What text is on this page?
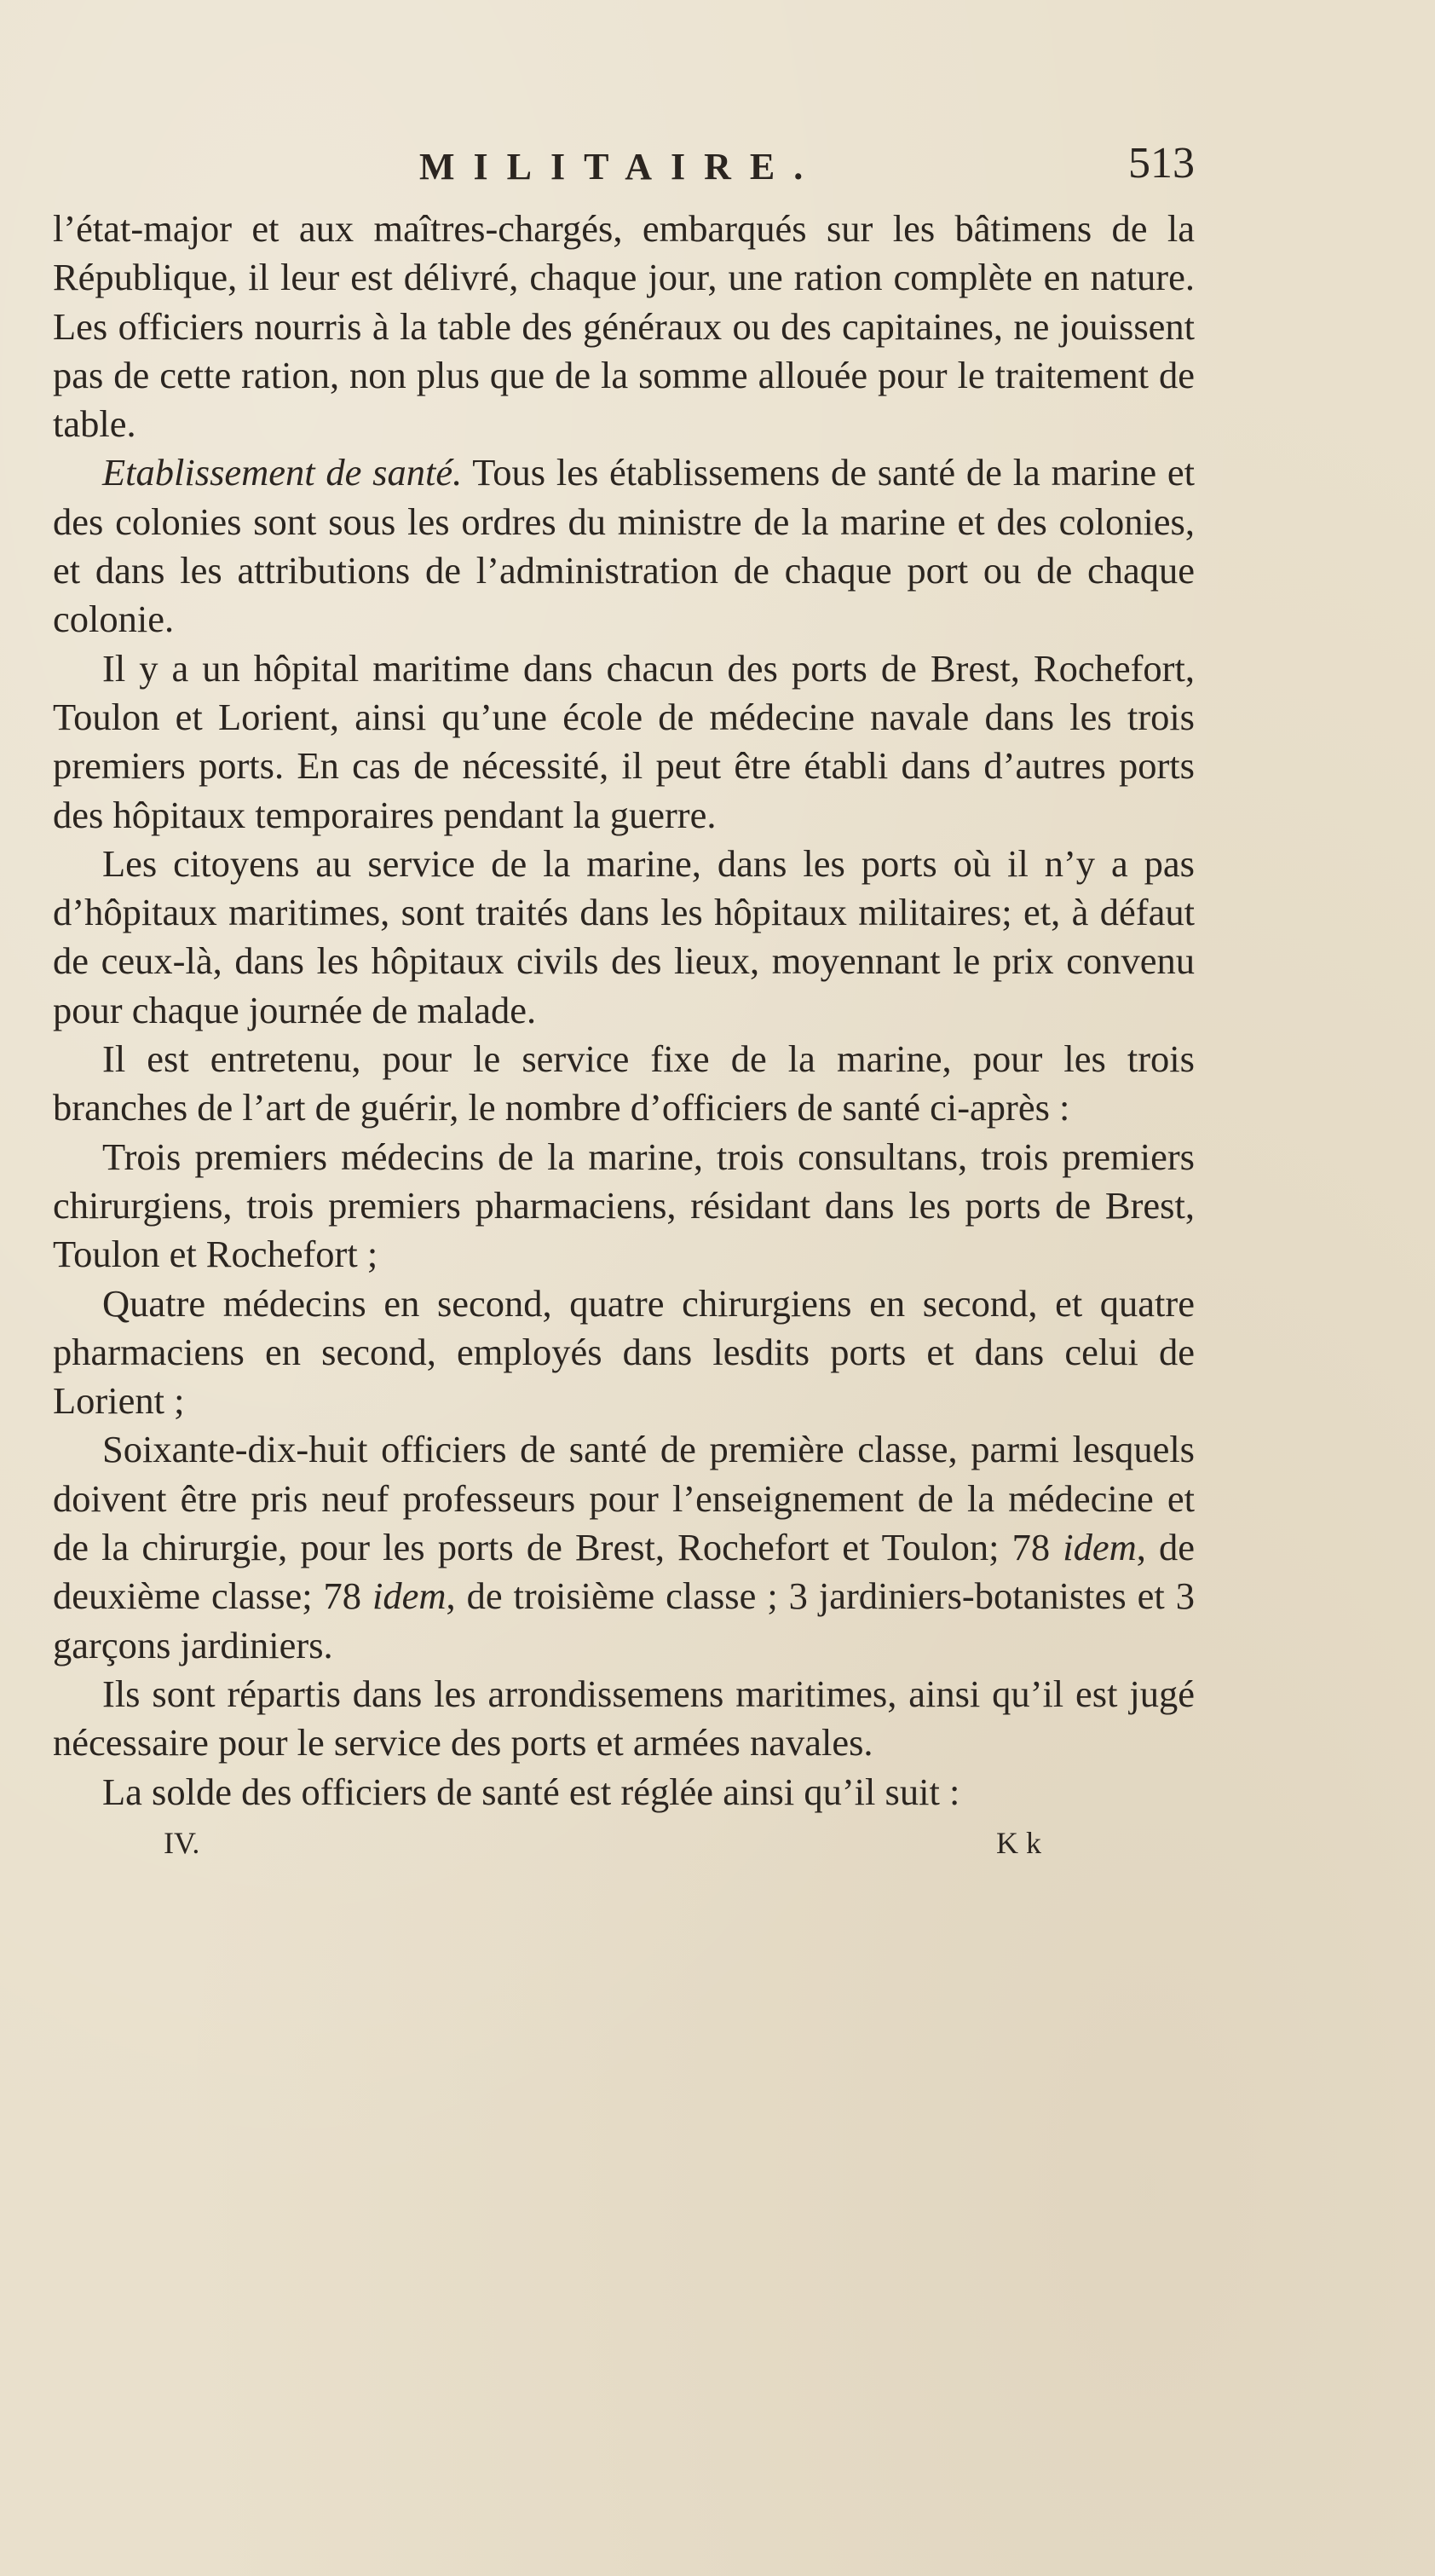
MILITAIRE.	513

l’état-major et aux maîtres-chargés, embarqués sur les bâtimens de la République, il leur est délivré, chaque jour, une ration complète en nature. Les officiers nourris à la table des généraux ou des capitaines, ne jouissent pas de cette ration, non plus que de la somme allouée pour le traitement de table.

Etablissement de santé. Tous les établissemens de santé de la marine et des colonies sont sous les ordres du ministre de la marine et des colonies, et dans les attributions de l’administration de chaque port ou de chaque colonie.

Il y a un hôpital maritime dans chacun des ports de Brest, Rochefort, Toulon et Lorient, ainsi qu’une école de médecine navale dans les trois premiers ports. En cas de nécessité, il peut être établi dans d’autres ports des hôpitaux temporaires pendant la guerre.

Les citoyens au service de la marine, dans les ports où il n’y a pas d’hôpitaux maritimes, sont traités dans les hôpitaux militaires; et, à défaut de ceux-là, dans les hôpitaux civils des lieux, moyennant le prix convenu pour chaque journée de malade.

Il est entretenu, pour le service fixe de la marine, pour les trois branches de l’art de guérir, le nombre d’officiers de santé ci-après :

Trois premiers médecins de la marine, trois consultans, trois premiers chirurgiens, trois premiers pharmaciens, résidant dans les ports de Brest, Toulon et Rochefort ;

Quatre médecins en second, quatre chirurgiens en second, et quatre pharmaciens en second, employés dans lesdits ports et dans celui de Lorient ;

Soixante-dix-huit officiers de santé de première classe, parmi lesquels doivent être pris neuf professeurs pour l’enseignement de la médecine et de la chirurgie, pour les ports de Brest, Rochefort et Toulon; 78 idem, de deuxième classe; 78 idem, de troisième classe ; 3 jardiniers-botanistes et 3 garçons jardiniers.

Ils sont répartis dans les arrondissemens maritimes, ainsi qu’il est jugé nécessaire pour le service des ports et armées navales.

La solde des officiers de santé est réglée ainsi qu’il suit :

IV.	K k
